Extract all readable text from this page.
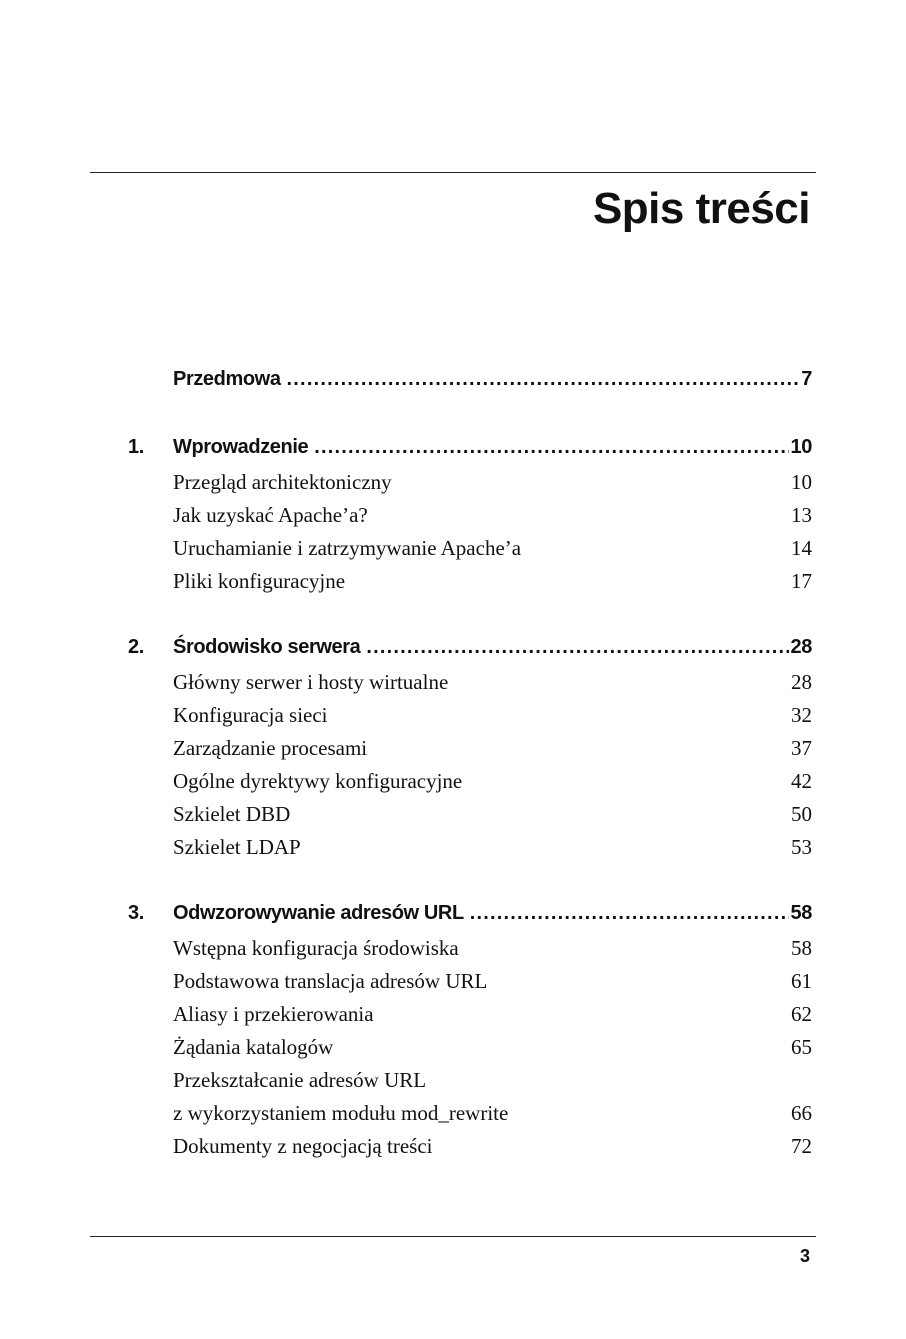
Spis treści
Przedmowa .....	7
1.	Wprowadzenie .....	10
Przegląd architektoniczny	10
Jak uzyskać Apache’a?	13
Uruchamianie i zatrzymywanie Apache’a	14
Pliki konfiguracyjne	17
2.	Środowisko serwera .....	28
Główny serwer i hosty wirtualne	28
Konfiguracja sieci	32
Zarządzanie procesami	37
Ogólne dyrektywy konfiguracyjne	42
Szkielet DBD	50
Szkielet LDAP	53
3.	Odwzorowywanie adresów URL .....	58
Wstępna konfiguracja środowiska	58
Podstawowa translacja adresów URL	61
Aliasy i przekierowania	62
Żądania katalogów	65
Przekształcanie adresów URL
z wykorzystaniem modułu mod_rewrite	66
Dokumenty z negocjacją treści	72
3
